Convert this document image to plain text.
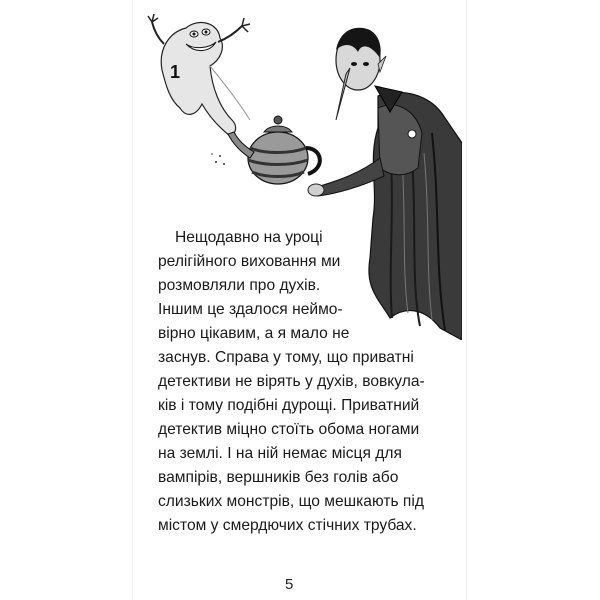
1
Нещодавно на уроці
релігійного виховання ми
розмовляли про духів.
Іншим це здалося неймо-
вірно цікавим, а я мало не
заснув. Справа у тому, що приватні
детективи не вірять у духів, вовкула-
ків і тому подібні дурощі. Приватний
детектив міцно стоїть обома ногами
на землі. І на ній немає місця для
вампірів, вершників без голів або
слизьких монстрів, що мешкають під
містом у смердючих стічних трубах.
5
